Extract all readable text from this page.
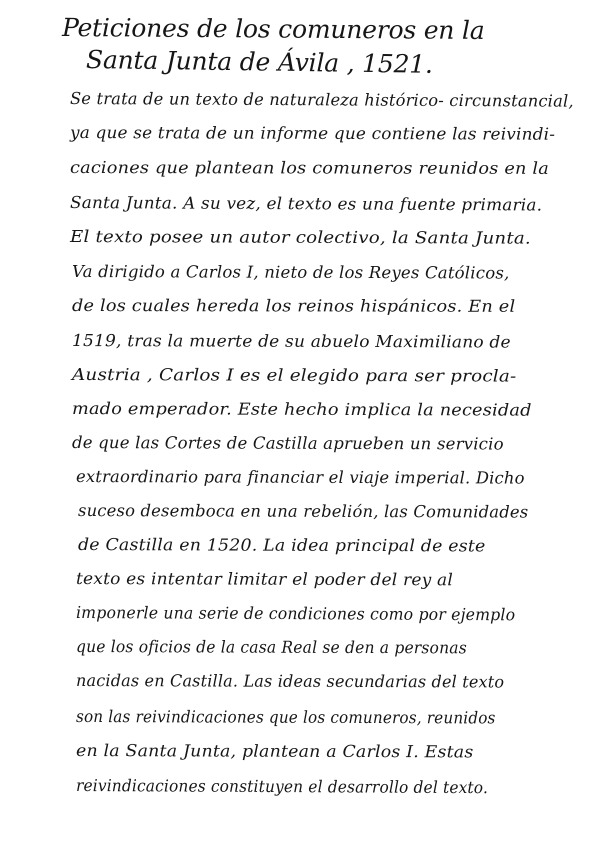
Peticiones de los comuneros en la
Santa Junta de Ávila , 1521.
Se trata de un texto de naturaleza histórico- circunstancial,
ya que se trata de un informe que contiene las reivindi-
caciones que plantean los comuneros reunidos en la
Santa Junta. A su vez, el texto es una fuente primaria.
El texto posee un autor colectivo, la Santa Junta.
Va dirigido a Carlos I, nieto de los Reyes Católicos,
de los cuales hereda los reinos hispánicos. En el
1519, tras la muerte de su abuelo Maximiliano de
Austria , Carlos I es el elegido para ser procla-
mado emperador. Este hecho implica la necesidad
de que las Cortes de Castilla aprueben un servicio
extraordinario para financiar el viaje imperial. Dicho
suceso desemboca en una rebelión, las Comunidades
de Castilla en 1520. La idea principal de este
texto es intentar limitar el poder del rey al
imponerle una serie de condiciones como por ejemplo
que los oficios de la casa Real se den a personas
nacidas en Castilla. Las ideas secundarias del texto
son las reivindicaciones que los comuneros, reunidos
en la Santa Junta, plantean a Carlos I. Estas
reivindicaciones constituyen el desarrollo del texto.
